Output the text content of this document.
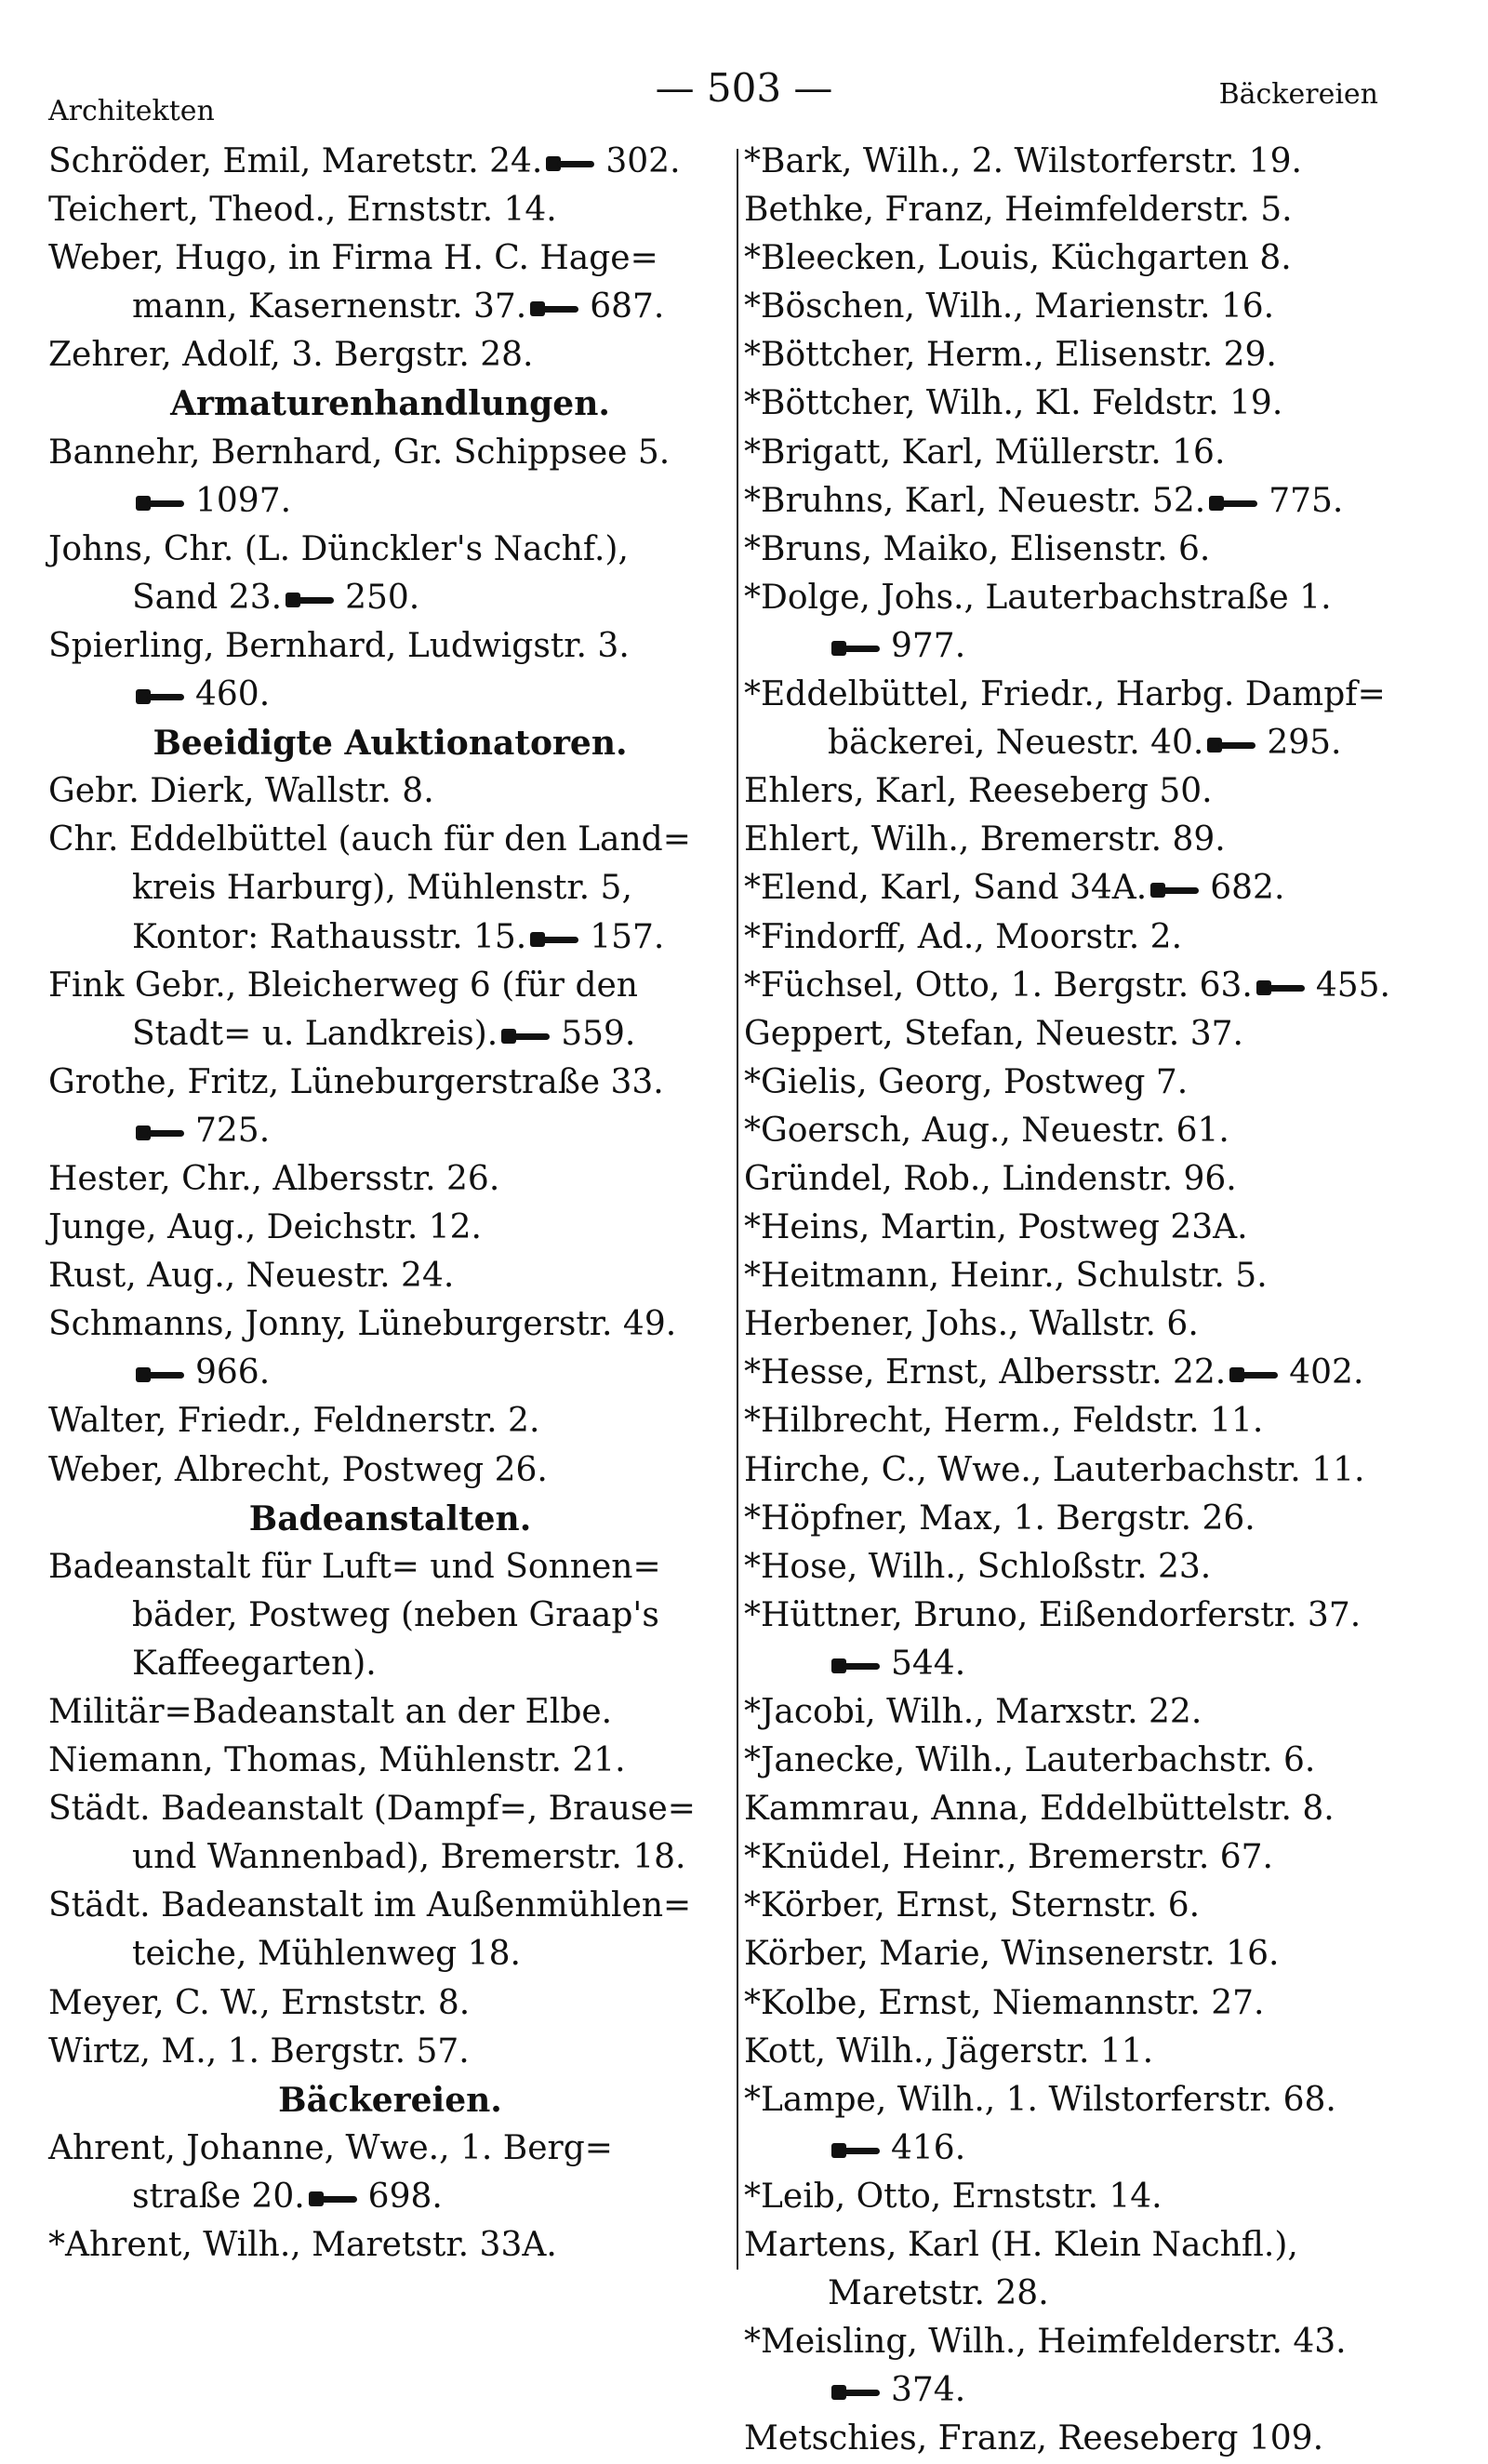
Architekten
— 503 —	Bäckereien
Schröder, Emil, Maretstr. 24. 302.
Teichert, Theod., Ernststr. 14.
Weber, Hugo, in Firma H. C. Hage=
mann, Kasernenstr. 37. 687.
Zehrer, Adolf, 3. Bergstr. 28.
Armaturenhandlungen.
Bannehr, Bernhard, Gr. Schippsee 5.
1097.
Johns, Chr. (L. Dünckler's Nachf.),
Sand 23. 250.
Spierling, Bernhard, Ludwigstr. 3.
460.
Beeidigte Auktionatoren.
Gebr. Dierk, Wallstr. 8.
Chr. Eddelbüttel (auch für den Land=
kreis Harburg), Mühlenstr. 5,
Kontor: Rathausstr. 15. 157.
Fink Gebr., Bleicherweg 6 (für den
Stadt= u. Landkreis). 559.
Grothe, Fritz, Lüneburgerstraße 33.
725.
Hester, Chr., Albersstr. 26.
Junge, Aug., Deichstr. 12.
Rust, Aug., Neuestr. 24.
Schmanns, Jonny, Lüneburgerstr. 49.
966.
Walter, Friedr., Feldnerstr. 2.
Weber, Albrecht, Postweg 26.
Badeanstalten.
Badeanstalt für Luft= und Sonnen=
bäder, Postweg (neben Graap's
Kaffeegarten).
Militär=Badeanstalt an der Elbe.
Niemann, Thomas, Mühlenstr. 21.
Städt. Badeanstalt (Dampf=, Brause=
und Wannenbad), Bremerstr. 18.
Städt. Badeanstalt im Außenmühlen=
teiche, Mühlenweg 18.
Meyer, C. W., Ernststr. 8.
Wirtz, M., 1. Bergstr. 57.
Bäckereien.
Ahrent, Johanne, Wwe., 1. Berg=
straße 20. 698.
*Ahrent, Wilh., Maretstr. 33A.
*Bark, Wilh., 2. Wilstorferstr. 19.
Bethke, Franz, Heimfelderstr. 5.
*Bleecken, Louis, Küchgarten 8.
*Böschen, Wilh., Marienstr. 16.
*Böttcher, Herm., Elisenstr. 29.
*Böttcher, Wilh., Kl. Feldstr. 19.
*Brigatt, Karl, Müllerstr. 16.
*Bruhns, Karl, Neuestr. 52. 775.
*Bruns, Maiko, Elisenstr. 6.
*Dolge, Johs., Lauterbachstraße 1.
977.
*Eddelbüttel, Friedr., Harbg. Dampf=
bäckerei, Neuestr. 40. 295.
Ehlers, Karl, Reeseberg 50.
Ehlert, Wilh., Bremerstr. 89.
*Elend, Karl, Sand 34A. 682.
*Findorff, Ad., Moorstr. 2.
*Füchsel, Otto, 1. Bergstr. 63. 455.
Geppert, Stefan, Neuestr. 37.
*Gielis, Georg, Postweg 7.
*Goersch, Aug., Neuestr. 61.
Gründel, Rob., Lindenstr. 96.
*Heins, Martin, Postweg 23A.
*Heitmann, Heinr., Schulstr. 5.
Herbener, Johs., Wallstr. 6.
*Hesse, Ernst, Albersstr. 22. 402.
*Hilbrecht, Herm., Feldstr. 11.
Hirche, C., Wwe., Lauterbachstr. 11.
*Höpfner, Max, 1. Bergstr. 26.
*Hose, Wilh., Schloßstr. 23.
*Hüttner, Bruno, Eißendorferstr. 37.
544.
*Jacobi, Wilh., Marxstr. 22.
*Janecke, Wilh., Lauterbachstr. 6.
Kammrau, Anna, Eddelbüttelstr. 8.
*Knüdel, Heinr., Bremerstr. 67.
*Körber, Ernst, Sternstr. 6.
Körber, Marie, Winsenerstr. 16.
*Kolbe, Ernst, Niemannstr. 27.
Kott, Wilh., Jägerstr. 11.
*Lampe, Wilh., 1. Wilstorferstr. 68.
416.
*Leib, Otto, Ernststr. 14.
Martens, Karl (H. Klein Nachfl.),
Maretstr. 28.
*Meisling, Wilh., Heimfelderstr. 43.
374.
Metschies, Franz, Reeseberg 109.
